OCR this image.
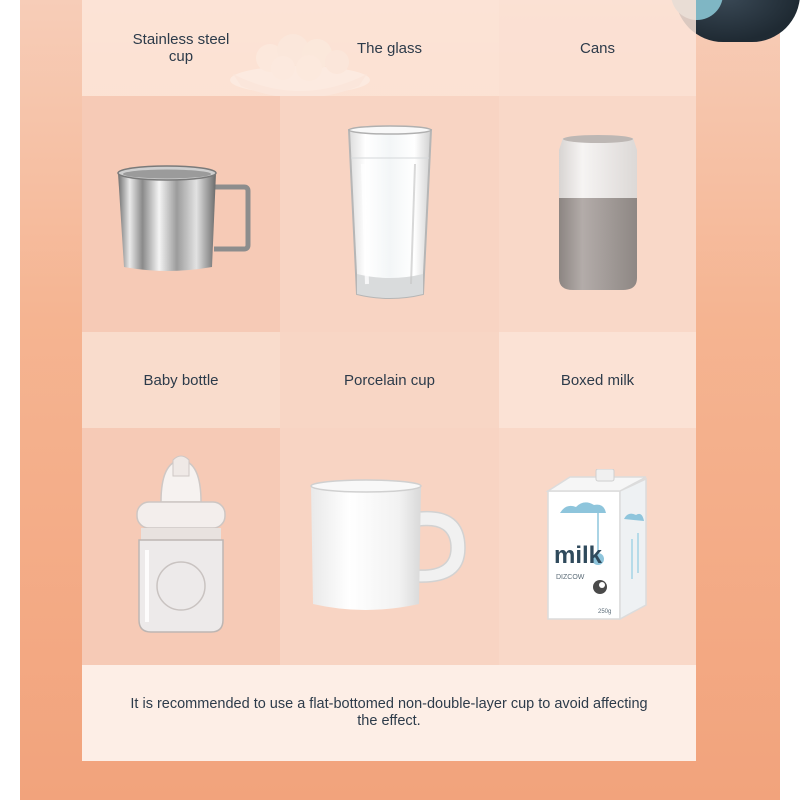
Stainless steel
cup	The glass	Cans
Baby bottle	Porcelain cup	Boxed milk
milk
DIZCOW
250g
It is recommended to use a flat-bottomed non-double-layer cup to avoid affecting the effect.
